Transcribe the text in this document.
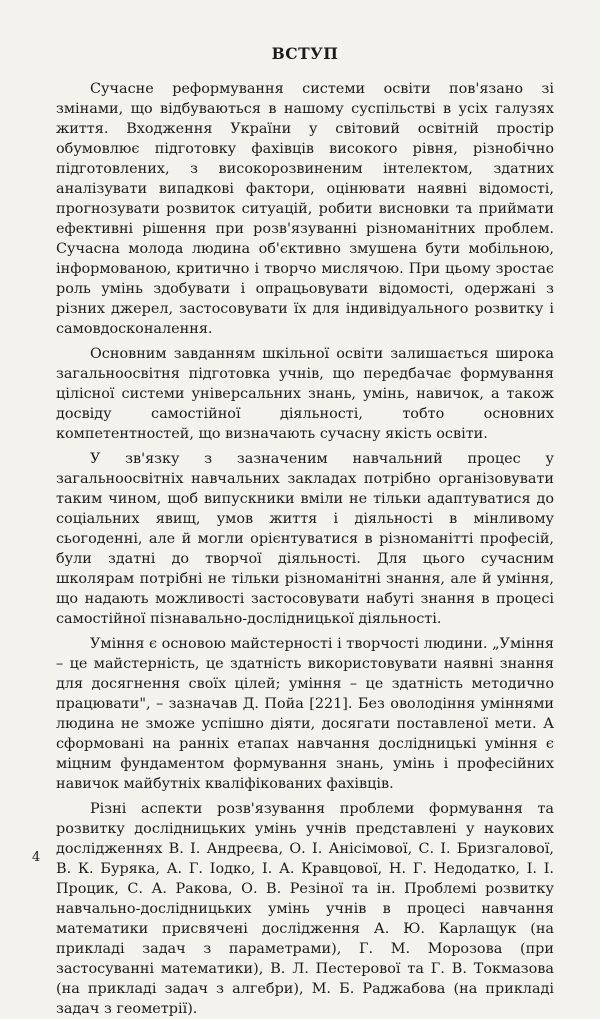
ВСТУП

Сучасне реформування системи освіти пов'язано зі змінами, що відбуваються в нашому суспільстві в усіх галузях життя. Входження України у світовий освітній простір обумовлює підготовку фахівців високого рівня, різнобічно підготовлених, з високорозвиненим інтелектом, здатних аналізувати випадкові фактори, оцінювати наявні відомості, прогнозувати розвиток ситуацій, робити висновки та приймати ефективні рішення при розв'язуванні різноманітних проблем. Сучасна молода людина об'єктивно змушена бути мобільною, інформованою, критично і творчо мислячою. При цьому зростає роль умінь здобувати і опрацьовувати відомості, одержані з різних джерел, застосовувати їх для індивідуального розвитку і самовдосконалення.

Основним завданням шкільної освіти залишається широка загальноосвітня підготовка учнів, що передбачає формування цілісної системи універсальних знань, умінь, навичок, а також досвіду самостійної діяльності, тобто основних компетентностей, що визначають сучасну якість освіти.

У зв'язку з зазначеним навчальний процес у загальноосвітніх навчальних закладах потрібно організовувати таким чином, щоб випускники вміли не тільки адаптуватися до соціальних явищ, умов життя і діяльності в мінливому сьогоденні, але й могли орієнтуватися в різноманітті професій, були здатні до творчої діяльності. Для цього сучасним школярам потрібні не тільки різноманітні знання, але й уміння, що надають можливості застосовувати набуті знання в процесі самостійної пізнавально-дослідницької діяльності.

Уміння є основою майстерності і творчості людини. „Уміння – це майстерність, це здатність використовувати наявні знання для досягнення своїх цілей; уміння – це здатність методично працювати", – зазначав Д. Пойа [221]. Без оволодіння уміннями людина не зможе успішно діяти, досягати поставленої мети. А сформовані на ранніх етапах навчання дослідницькі уміння є міцним фундаментом формування знань, умінь і професійних навичок майбутніх кваліфікованих фахівців.

Різні аспекти розв'язування проблеми формування та розвитку дослідницьких умінь учнів представлені у наукових дослідженнях В. І. Андреєва, О. І. Анісімової, С. І. Бризгалової, В. К. Буряка, А. Г. Іодко, І. А. Кравцової, Н. Г. Недодатко, І. І. Процик, С. А. Ракова, О. В. Резіної та ін. Проблемі розвитку навчально-дослідницьких умінь учнів в процесі навчання математики присвячені дослідження А. Ю. Карлащук (на прикладі задач з параметрами), Г. М. Морозова (при застосуванні математики), В. Л. Пестерової та Г. В. Токмазова (на прикладі задач з алгебри), М. Б. Раджабова (на прикладі задач з геометрії).

4
